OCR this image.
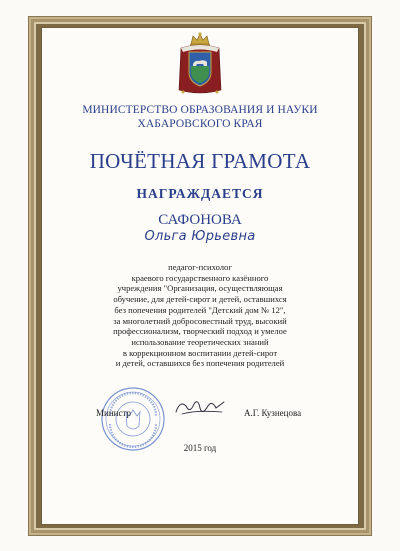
МИНИСТЕРСТВО ОБРАЗОВАНИЯ И НАУКИ
ХАБАРОВСКОГО КРАЯ
ПОЧЁТНАЯ ГРАМОТА
НАГРАЖДАЕТСЯ
САФОНОВА
Ольга Юрьевна
педагог-психолог
краевого государственного казённого
учреждения "Организация, осуществляющая
обучение, для детей-сирот и детей, оставшихся
без попечения родителей "Детский дом № 12",
за многолетний добросовестный труд, высокий
профессионализм, творческий подход и умелое
использование теоретических знаний
в коррекционном воспитании детей-сирот
и детей, оставшихся без попечения родителей
Министр	А.Г. Кузнецова
2015 год
